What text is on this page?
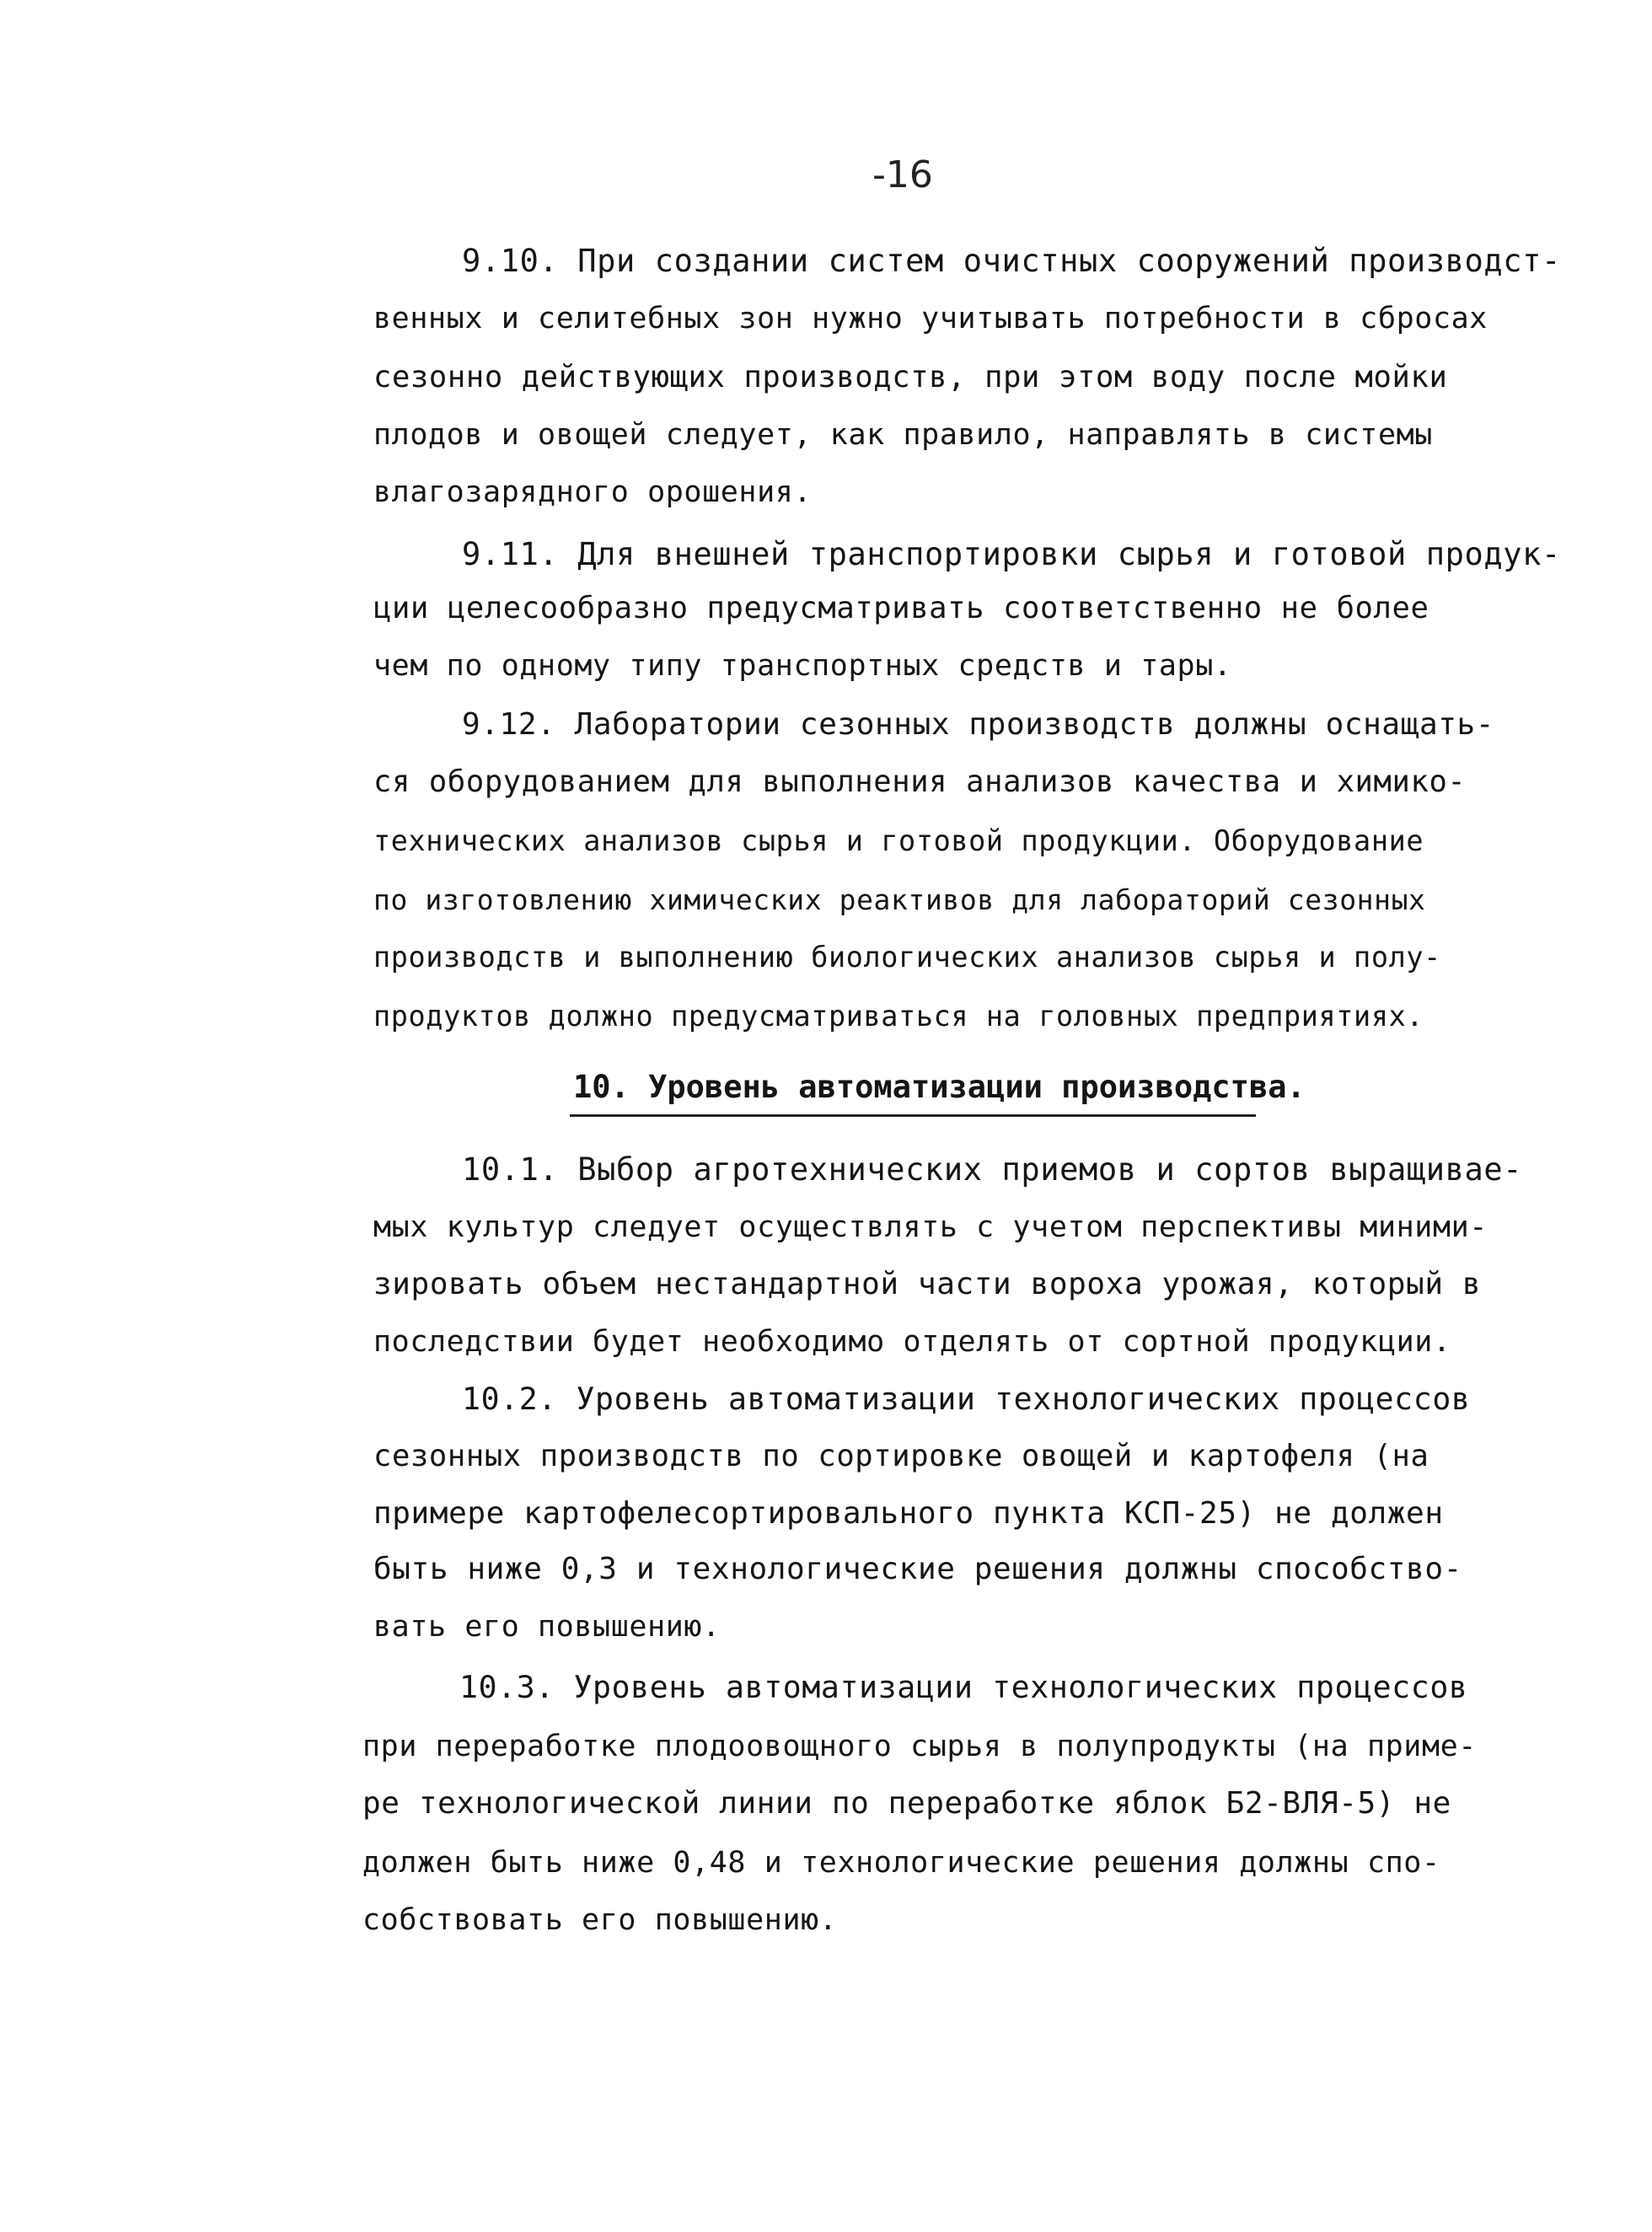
-16
9.10. При создании систем очистных сооружений производст-
венных и селитебных зон нужно учитывать потребности в сбросах
сезонно действующих производств, при этом воду после мойки
плодов и овощей следует, как правило, направлять в системы
влагозарядного орошения.
9.11. Для внешней транспортировки сырья и готовой продук-
ции целесообразно предусматривать соответственно не более
чем по одному типу транспортных средств и тары.
9.12. Лаборатории сезонных производств должны оснащать-
ся оборудованием для выполнения анализов качества и химико-
технических анализов сырья и готовой продукции. Оборудование
по изготовлению химических реактивов для лабораторий сезонных
производств и выполнению биологических анализов сырья и полу-
продуктов должно предусматриваться на головных предприятиях.
10. Уровень автоматизации производства.
10.1. Выбор агротехнических приемов и сортов выращивае-
мых культур следует осуществлять с учетом перспективы миними-
зировать объем нестандартной части вороха урожая, который в
последствии будет необходимо отделять от сортной продукции.
10.2. Уровень автоматизации технологических процессов
сезонных производств по сортировке овощей и картофеля (на
примере картофелесортировального пункта КСП-25) не должен
быть ниже 0,3 и технологические решения должны способство-
вать его повышению.
10.3. Уровень автоматизации технологических процессов
при переработке плодоовощного сырья в полупродукты (на приме-
ре технологической линии по переработке яблок Б2-ВЛЯ-5) не
должен быть ниже 0,48 и технологические решения должны спо-
собствовать его повышению.
